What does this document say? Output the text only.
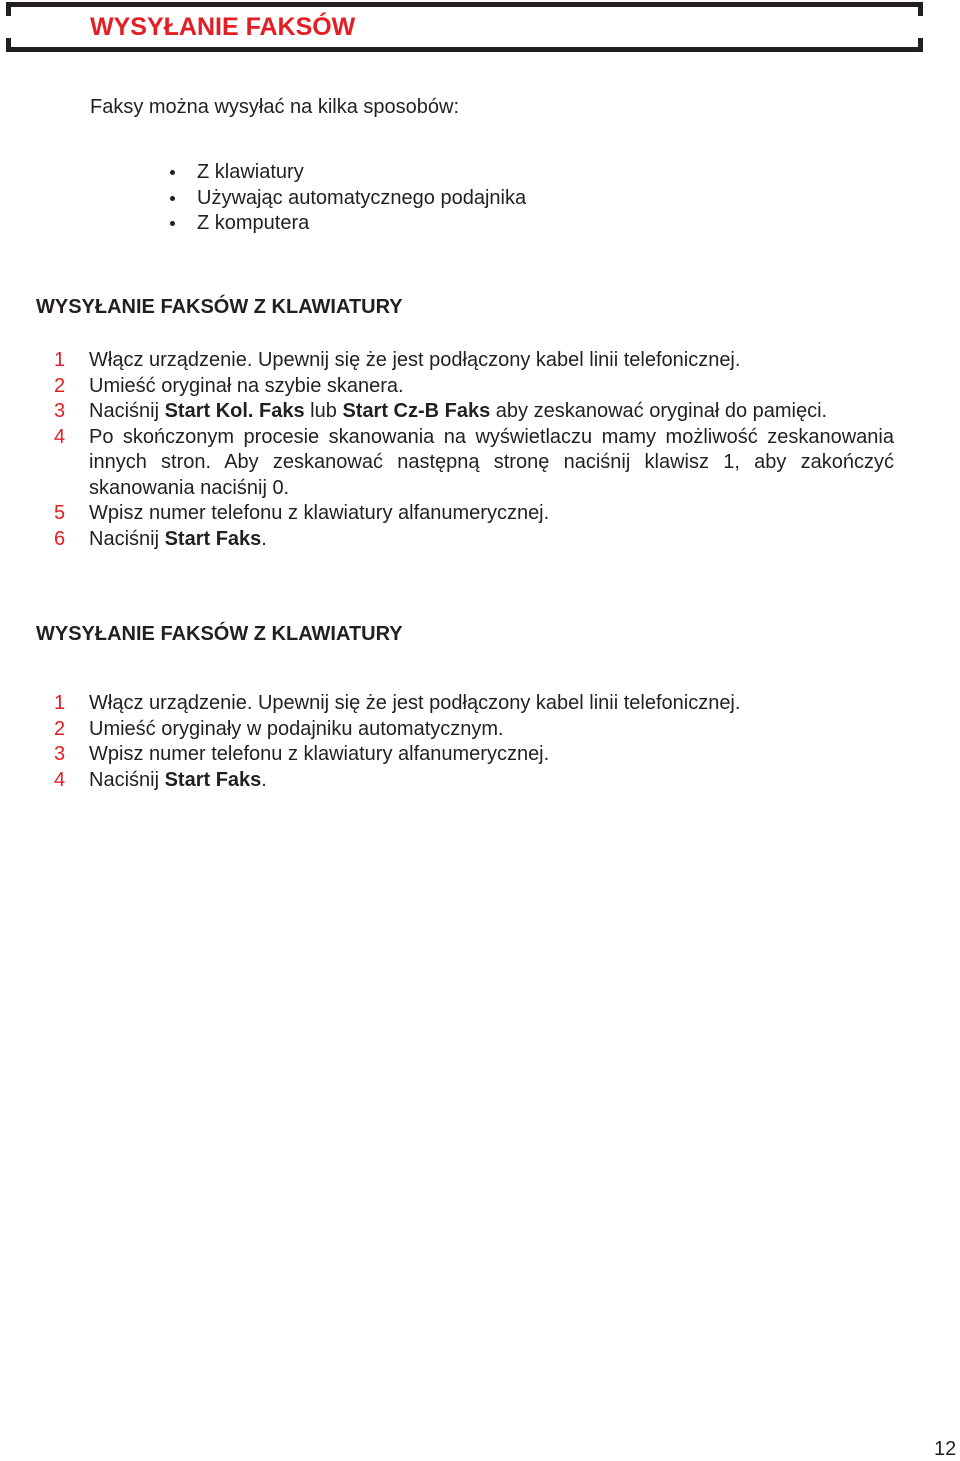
WYSYŁANIE FAKSÓW

Faksy można wysyłać na kilka sposobów:

Z klawiatury
Używając automatycznego podajnika
Z komputera
WYSYŁANIE FAKSÓW Z KLAWIATURY
1 Włącz urządzenie. Upewnij się że jest podłączony kabel linii telefonicznej.
2 Umieść oryginał na szybie skanera.
3 Naciśnij Start Kol. Faks lub Start Cz-B Faks aby zeskanować oryginał do pamięci.
4 Po skończonym procesie skanowania na wyświetlaczu mamy możliwość zeskanowania innych stron. Aby zeskanować następną stronę naciśnij klawisz 1, aby zakończyć skanowania naciśnij 0.
5 Wpisz numer telefonu z klawiatury alfanumerycznej.
6 Naciśnij Start Faks.
WYSYŁANIE FAKSÓW Z KLAWIATURY
1 Włącz urządzenie. Upewnij się że jest podłączony kabel linii telefonicznej.
2 Umieść oryginały w podajniku automatycznym.
3 Wpisz numer telefonu z klawiatury alfanumerycznej.
4 Naciśnij Start Faks.

12
